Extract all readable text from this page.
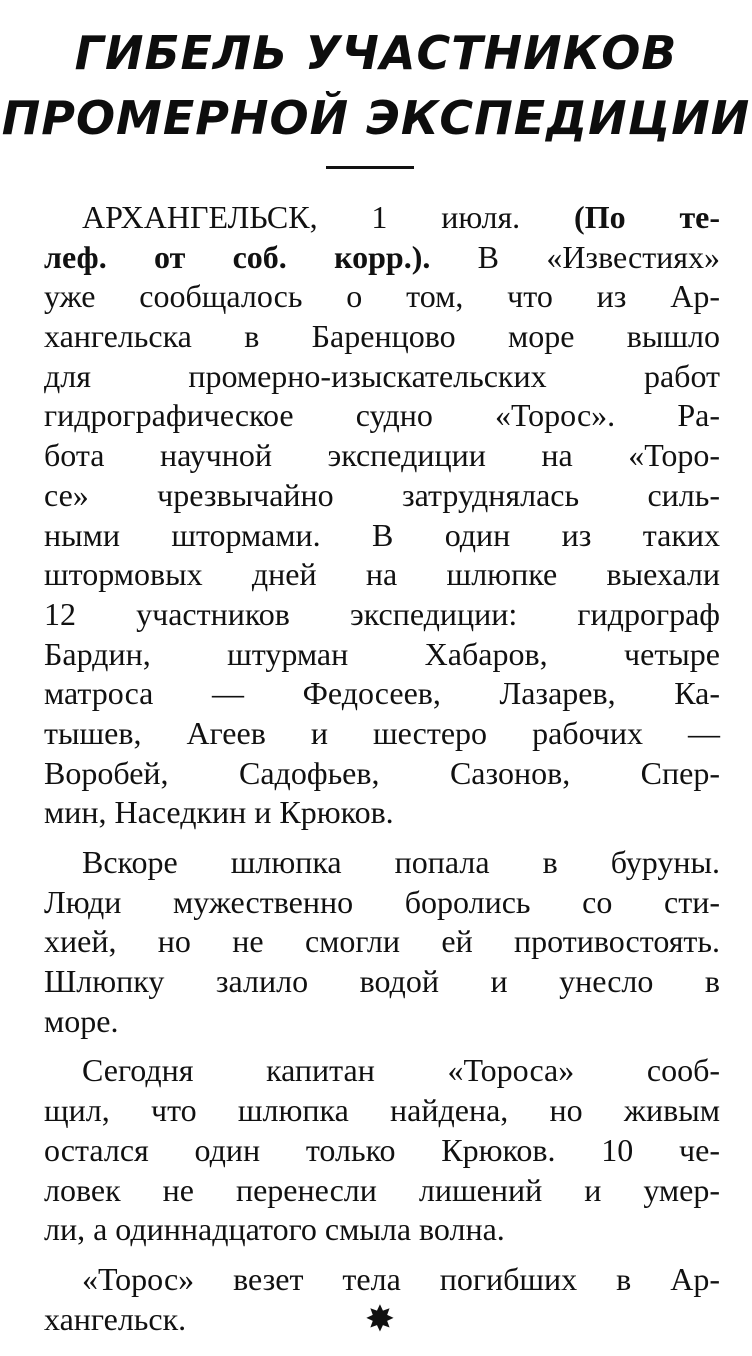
ГИБЕЛЬ УЧАСТНИКОВ
ПРОМЕРНОЙ ЭКСПЕДИЦИИ
АРХАНГЕЛЬСК, 1 июля. (По те-
леф. от соб. корр.). В «Известиях»
уже сообщалось о том, что из Ар-
хангельска в Баренцово море вышло
для промерно-изыскательских работ
гидрографическое судно «Торос». Ра-
бота научной экспедиции на «Торо-
се» чрезвычайно затруднялась силь-
ными штормами. В один из таких
штормовых дней на шлюпке выехали
12 участников экспедиции: гидрограф
Бардин, штурман Хабаров, четыре
матроса — Федосеев, Лазарев, Ка-
тышев, Агеев и шестеро рабочих —
Воробей, Садофьев, Сазонов, Спер-
мин, Наседкин и Крюков.
Вскоре шлюпка попала в буруны.
Люди мужественно боролись со сти-
хией, но не смогли ей противостоять.
Шлюпку залило водой и унесло в
море.
Сегодня капитан «Тороса» сооб-
щил, что шлюпка найдена, но живым
остался один только Крюков. 10 че-
ловек не перенесли лишений и умер-
ли, а одиннадцатого смыла волна.
«Торос» везет тела погибших в Ар-
хангельск.	✸
